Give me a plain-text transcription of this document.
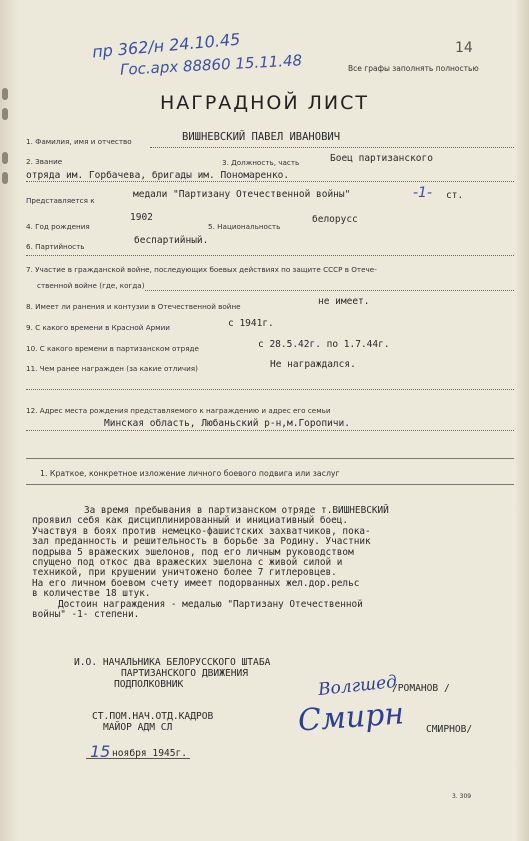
пр 362/н 24.10.45
Гос.арх 88860 15.11.48
14
Все графы заполнять полностью
НАГРАДНОЙ ЛИСТ
1. Фамилия, имя и отчество	ВИШНЕВСКИЙ ПАВЕЛ ИВАНОВИЧ
2. Звание	3. Должность, часть	Боец партизанского
отряда им. Горбачева, бригады им. Пономаренко.
Представляется к
медали "Партизану Отечественной войны"	-1- ст.
4. Год рождения
1902
5. Национальность
белорусс
6. Партийность
беспартийный.
7. Участие в гражданской войне, последующих боевых действиях по защите СССР в Отече-
ственной войне (где, когда)
8. Имеет ли ранения и контузии в Отечественной войне	не имеет.
9. С какого времени в Красной Армии	с 1941г.
10. С какого времени в партизанском отряде	с 28.5.42г. по 1.7.44г.
11. Чем ранее награжден (за какие отличия)	Не награждался.
12. Адрес места рождения представляемого к награждению и адрес его семьи
Минская область, Любаньский р-н,м.Горопичи.
1. Краткое, конкретное изложение личного боевого подвига или заслуг
За время пребывания в партизанском отряде т.ВИШНЕВСКИЙ
проявил себя как дисциплинированный и инициативный боец.
Участвуя в боях против немецко-фашистских захватчиков, пока-
зал преданность и решительность в борьбе за Родину. Участник
подрыва 5 вражеских эшелонов, под его личным руководством
спущено под откос два вражеских эшелона с живой силой и
техникой, при крушении уничтожено более 7 гитлеровцев.
На его личном боевом счету имеет подорванных жел.дор.рельс
в количестве 18 штук.
Достоин награждения - медалью "Партизану Отечественной
войны" -1- степени.
И.О. НАЧАЛЬНИКА БЕЛОРУССКОГО ШТАБА
ПАРТИЗАНСКОГО ДВИЖЕНИЯ
ПОДПОЛКОВНИК	/РОМАНОВ /
Волгшед
СТ.ПОМ.НАЧ.ОТД.КАДРОВ
МАЙОР АДМ СЛ	СМИРНОВ/
Смирн
15 ноября 1945г.
3. 309
